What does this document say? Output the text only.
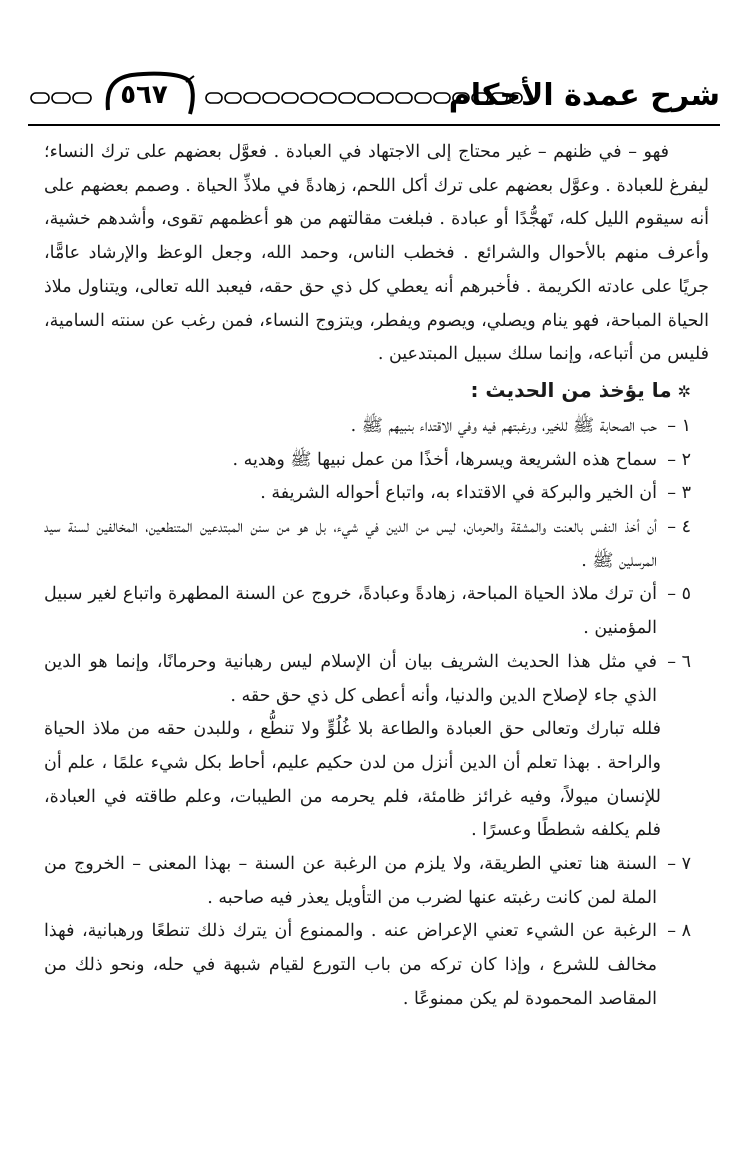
شرح عمدة الأحكام
٥٦٧

فهو – في ظنهم – غير محتاج إلى الاجتهاد في العبادة . فعوَّل بعضهم على ترك النساء؛ ليفرغ للعبادة . وعوَّل بعضهم على ترك أكل اللحم، زهادةً في ملاذِّ الحياة . وصمم بعضهم على أنه سيقوم الليل كله، تَهجُّدًا أو عبادة . فبلغت مقالتهم من هو أعظمهم تقوى، وأشدهم خشية، وأعرف منهم بالأحوال والشرائع . فخطب الناس، وحمد الله، وجعل الوعظ والإرشاد عامًّا، جريًا على عادته الكريمة . فأخبرهم أنه يعطي كل ذي حق حقه، فيعبد الله تعالى، ويتناول ملاذ الحياة المباحة، فهو ينام ويصلي، ويصوم ويفطر، ويتزوج النساء، فمن رغب عن سنته السامية، فليس من أتباعه، وإنما سلك سبيل المبتدعين .

✲ما يؤخذ من الحديث :
١ –
حب الصحابة ﷺ للخير، ورغبتهم فيه وفي الاقتداء بنبيهم ﷺ .
٢ –
سماح هذه الشريعة ويسرها، أخذًا من عمل نبيها ﷺ وهديه .
٣ –
أن الخير والبركة في الاقتداء به، واتباع أحواله الشريفة .
٤ –
أن أخذ النفس بالعنت والمشقة والحرمان، ليس من الدين في شيء، بل هو من سنن المبتدعين المتنطعين، المخالفين لسنة سيد المرسلين ﷺ .
٥ –
أن ترك ملاذ الحياة المباحة، زهادةً وعبادةً، خروج عن السنة المطهرة واتباع لغير سبيل المؤمنين .
٦ –
في مثل هذا الحديث الشريف بيان أن الإسلام ليس رهبانية وحرمانًا، وإنما هو الدين الذي جاء لإصلاح الدين والدنيا، وأنه أعطى كل ذي حق حقه .

فلله تبارك وتعالى حق العبادة والطاعة بلا غُلُوٍّ ولا تنطُّع ، وللبدن حقه من ملاذ الحياة والراحة . بهذا تعلم أن الدين أنزل من لدن حكيم عليم، أحاط بكل شيء علمًا ، علم أن للإنسان ميولاً، وفيه غرائز ظامئة، فلم يحرمه من الطيبات، وعلم طاقته في العبادة، فلم يكلفه شططًا وعسرًا .

٧ –
السنة هنا تعني الطريقة، ولا يلزم من الرغبة عن السنة – بهذا المعنى – الخروج من الملة لمن كانت رغبته عنها لضرب من التأويل يعذر فيه صاحبه .
٨ –
الرغبة عن الشيء تعني الإعراض عنه . والممنوع أن يترك ذلك تنطعًا ورهبانية، فهذا مخالف للشرع ، وإذا كان تركه من باب التورع لقيام شبهة في حله، ونحو ذلك من المقاصد المحمودة لم يكن ممنوعًا .
